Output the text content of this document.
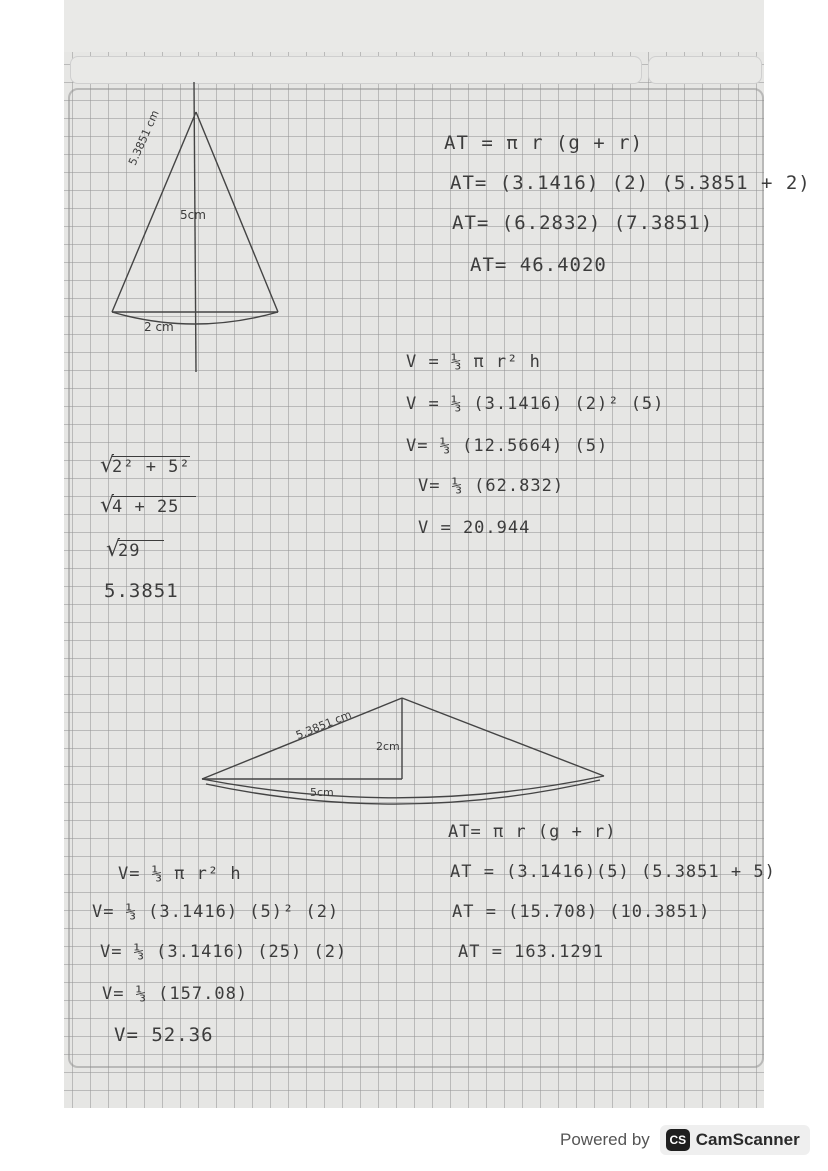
5.3851 cm
5cm
2 cm
AT = π r (g + r)
AT= (3.1416) (2) (5.3851 + 2)
AT= (6.2832) (7.3851)
AT= 46.4020
V = ⅓ π r² h
V = ⅓ (3.1416) (2)² (5)
V= ⅓ (12.5664) (5)
V= ⅓ (62.832)
V = 20.944
√ 2² + 5²
√ 4 + 25
√ 29
5.3851
5.3851 cm
2cm
5cm
AT= π r (g + r)
AT = (3.1416)(5) (5.3851 + 5)
AT = (15.708) (10.3851)
AT = 163.1291
V= ⅓ π r² h
V= ⅓ (3.1416) (5)² (2)
V= ⅓ (3.1416) (25) (2)
V= ⅓ (157.08)
V= 52.36
Powered by	CS CamScanner
